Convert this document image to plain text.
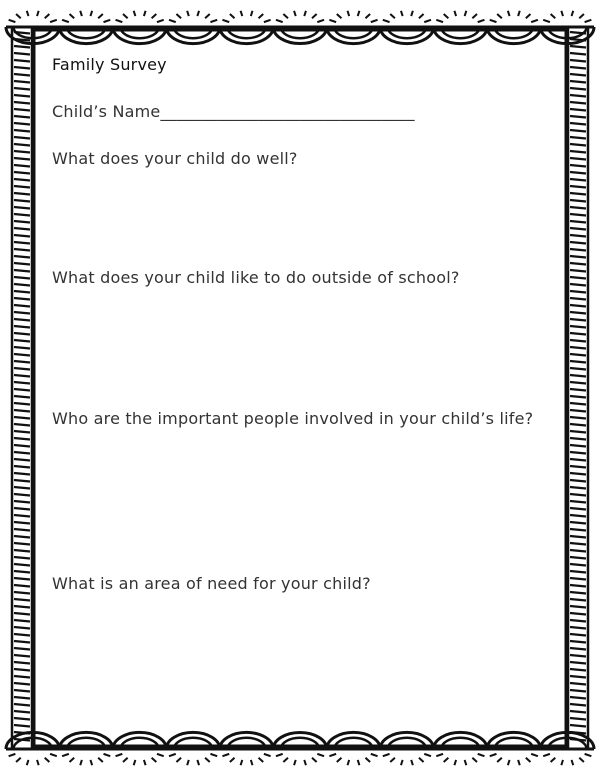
Family Survey
Child’s Name_______________________________

What does your child do well?

What does your child like to do outside of school?

Who are the important people involved in your child’s life?

What is an area of need for your child?
